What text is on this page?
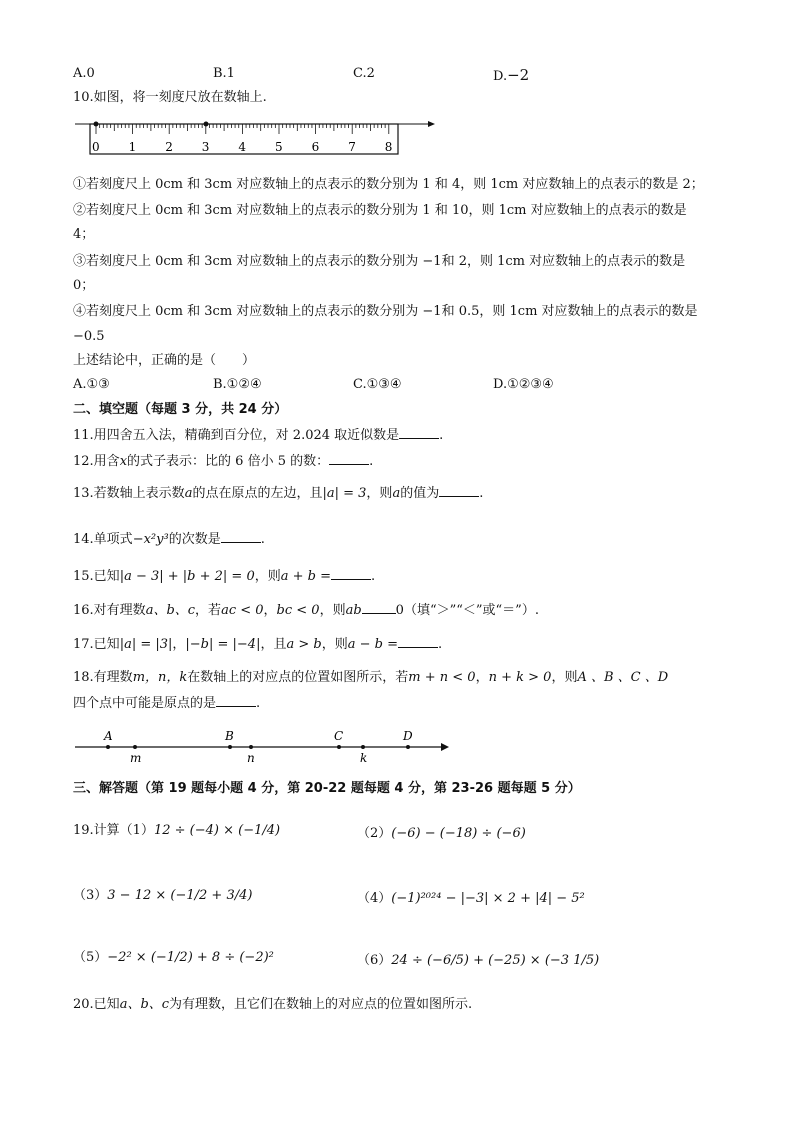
A.0	B.1	C.2	D.−2
10.如图，将一刻度尺放在数轴上.
0 1 2 3 4 5 6 7 8
①若刻度尺上 0cm 和 3cm 对应数轴上的点表示的数分别为 1 和 4，则 1cm 对应数轴上的点表示的数是 2；
②若刻度尺上 0cm 和 3cm 对应数轴上的点表示的数分别为 1 和 10，则 1cm 对应数轴上的点表示的数是
4；
③若刻度尺上 0cm 和 3cm 对应数轴上的点表示的数分别为 −1和 2，则 1cm 对应数轴上的点表示的数是
0；
④若刻度尺上 0cm 和 3cm 对应数轴上的点表示的数分别为 −1和 0.5，则 1cm 对应数轴上的点表示的数是
−0.5
上述结论中，正确的是（　　）
A.①③	B.①②④	C.①③④	D.①②③④
二、填空题（每题 3 分，共 24 分）
11.用四舍五入法，精确到百分位，对 2.024 取近似数是	.
12.用含x的式子表示：比的 6 倍小 5 的数：	.
13.若数轴上表示数a的点在原点的左边，且|a| = 3，则a的值为	.
14.单项式−x²y³的次数是	.
15.已知|a − 3| + |b + 2| = 0，则a + b =	.
16.对有理数a、b、c，若ac < 0，bc < 0，则ab	0（填“＞”“＜”或“＝”）.
17.已知|a| = |3|，|−b| = |−4|，且a > b，则a − b =	.
18.有理数m，n，k在数轴上的对应点的位置如图所示，若m + n < 0，n + k > 0，则A 、B 、C 、D
四个点中可能是原点的是	.
A	B	C	D
m	n	k
三、解答题（第 19 题每小题 4 分，第 20-22 题每题 4 分，第 23-26 题每题 5 分）
19.计算（1）12 ÷ (−4) × (−1/4)	（2）(−6) − (−18) ÷ (−6)
（3）3 − 12 × (−1/2 + 3/4)	（4）(−1)²⁰²⁴ − |−3| × 2 + |4| − 5²
（5）−2² × (−1/2) + 8 ÷ (−2)²	（6）24 ÷ (−6/5) + (−25) × (−3 1/5)
20.已知a、b、c为有理数，且它们在数轴上的对应点的位置如图所示.
